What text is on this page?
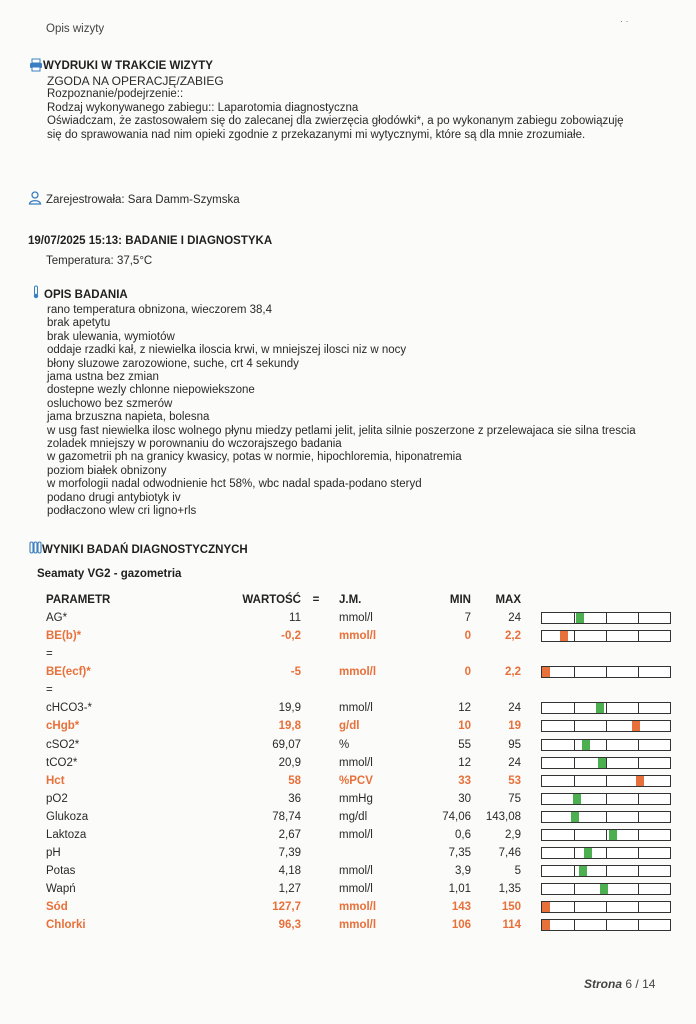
Opis wizyty
· ·
WYDRUKI W TRAKCIE WIZYTY
ZGODA NA OPERACJĘ/ZABIEG
Rozpoznanie/podejrzenie::
Rodzaj wykonywanego zabiegu:: Laparotomia diagnostyczna
Oświadczam, że zastosowałem się do zalecanej dla zwierzęcia głodówki*, a po wykonanym zabiegu zobowiązuję
się do sprawowania nad nim opieki zgodnie z przekazanymi mi wytycznymi, które są dla mnie zrozumiałe.
Zarejestrowała: Sara Damm-Szymska
19/07/2025 15:13: BADANIE I DIAGNOSTYKA
Temperatura: 37,5°C
OPIS BADANIA
rano temperatura obnizona, wieczorem 38,4
brak apetytu
brak ulewania, wymiotów
oddaje rzadki kał, z niewielka iloscia krwi, w mniejszej ilosci niz w nocy
błony sluzowe zarozowione, suche, crt 4 sekundy
jama ustna bez zmian
dostepne wezly chlonne niepowiekszone
osluchowo bez szmerów
jama brzuszna napieta, bolesna
w usg fast niewielka ilosc wolnego płynu miedzy petlami jelit, jelita silnie poszerzone z przelewajaca sie silna trescia
zoladek mniejszy w porownaniu do wczorajszego badania
w gazometrii ph na granicy kwasicy, potas w normie, hipochloremia, hiponatremia
poziom białek obnizony
w morfologii nadal odwodnienie hct 58%, wbc nadal spada-podano steryd
podano drugi antybiotyk iv
podłaczono wlew cri ligno+rls
WYNIKI BADAŃ DIAGNOSTYCZNYCH
Seamaty VG2 - gazometria
PARAMETR	WARTOŚĆ	=	J.M.	MIN	MAX		
AG*	11		mmol/l	7	24		

BE(b)*	-0,2		mmol/l	0	2,2		

=							
BE(ecf)*	-5		mmol/l	0	2,2		

=							
cHCO3-*	19,9		mmol/l	12	24		

cHgb*	19,8		g/dl	10	19		

cSO2*	69,07		%	55	95		

tCO2*	20,9		mmol/l	12	24		

Hct	58		%PCV	33	53		

pO2	36		mmHg	30	75		

Glukoza	78,74		mg/dl	74,06	143,08		

Laktoza	2,67		mmol/l	0,6	2,9		

pH	7,39			7,35	7,46		

Potas	4,18		mmol/l	3,9	5		

Wapń	1,27		mmol/l	1,01	1,35		

Sód	127,7		mmol/l	143	150		

Chlorki	96,3		mmol/l	106	114		
Strona 6 / 14
